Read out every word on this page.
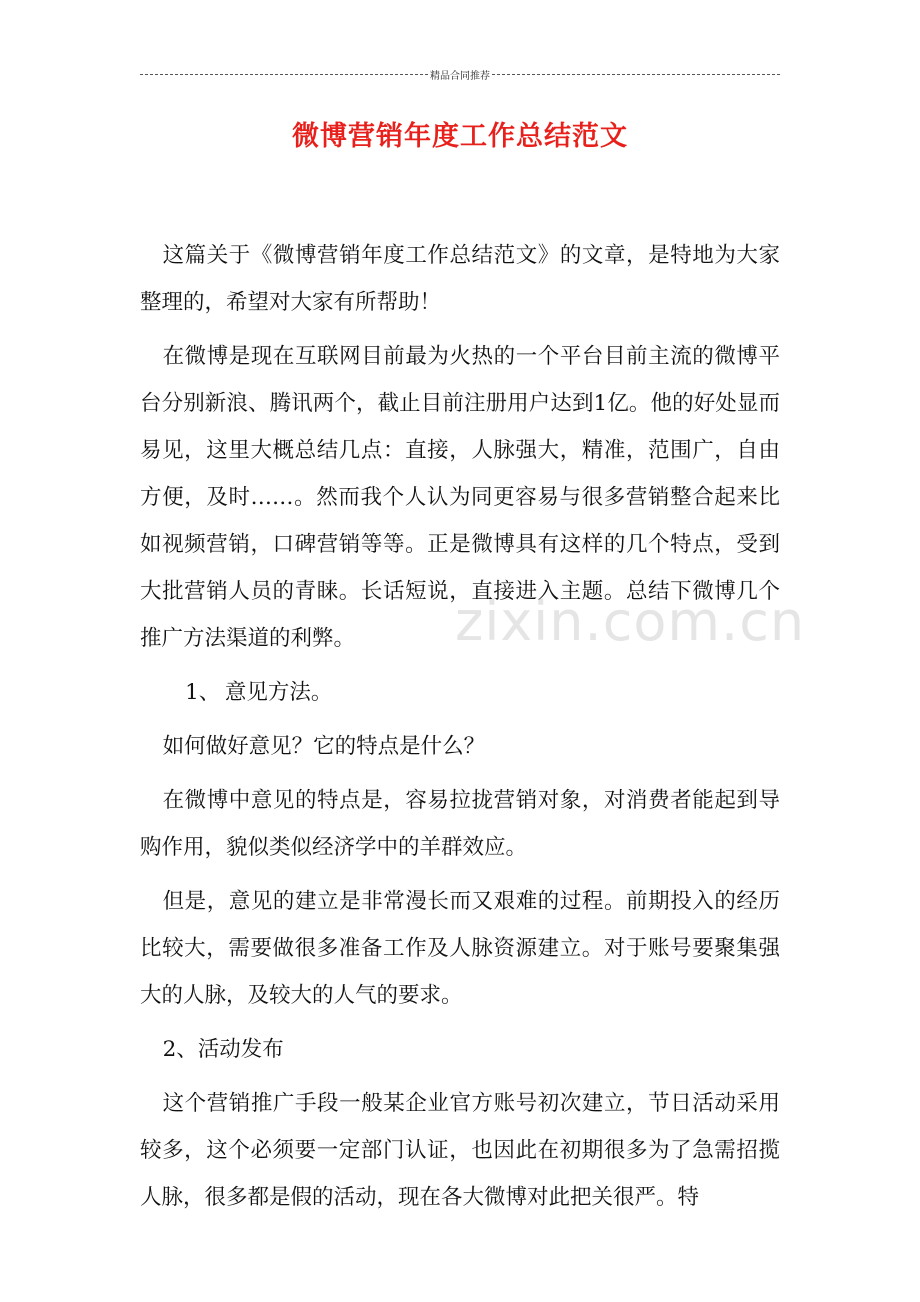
精品合同推荐
微博营销年度工作总结范文
zixin.com.cn

这篇关于《微博营销年度工作总结范文》的文章，是特地为大家整理的，希望对大家有所帮助！

在微博是现在互联网目前最为火热的一个平台目前主流的微博平台分别新浪、腾讯两个，截止目前注册用户达到1亿。他的好处显而易见，这里大概总结几点：直接，人脉强大，精准，范围广，自由方便，及时……。然而我个人认为同更容易与很多营销整合起来比如视频营销，口碑营销等等。正是微博具有这样的几个特点，受到大批营销人员的青睐。长话短说，直接进入主题。总结下微博几个推广方法渠道的利弊。

1、 意见方法。

如何做好意见？它的特点是什么？

在微博中意见的特点是，容易拉拢营销对象，对消费者能起到导购作用，貌似类似经济学中的羊群效应。

但是，意见的建立是非常漫长而又艰难的过程。前期投入的经历比较大，需要做很多准备工作及人脉资源建立。对于账号要聚集强大的人脉，及较大的人气的要求。

2、活动发布

这个营销推广手段一般某企业官方账号初次建立，节日活动采用较多，这个必须要一定部门认证，也因此在初期很多为了急需招揽人脉，很多都是假的活动，现在各大微博对此把关很严。特
